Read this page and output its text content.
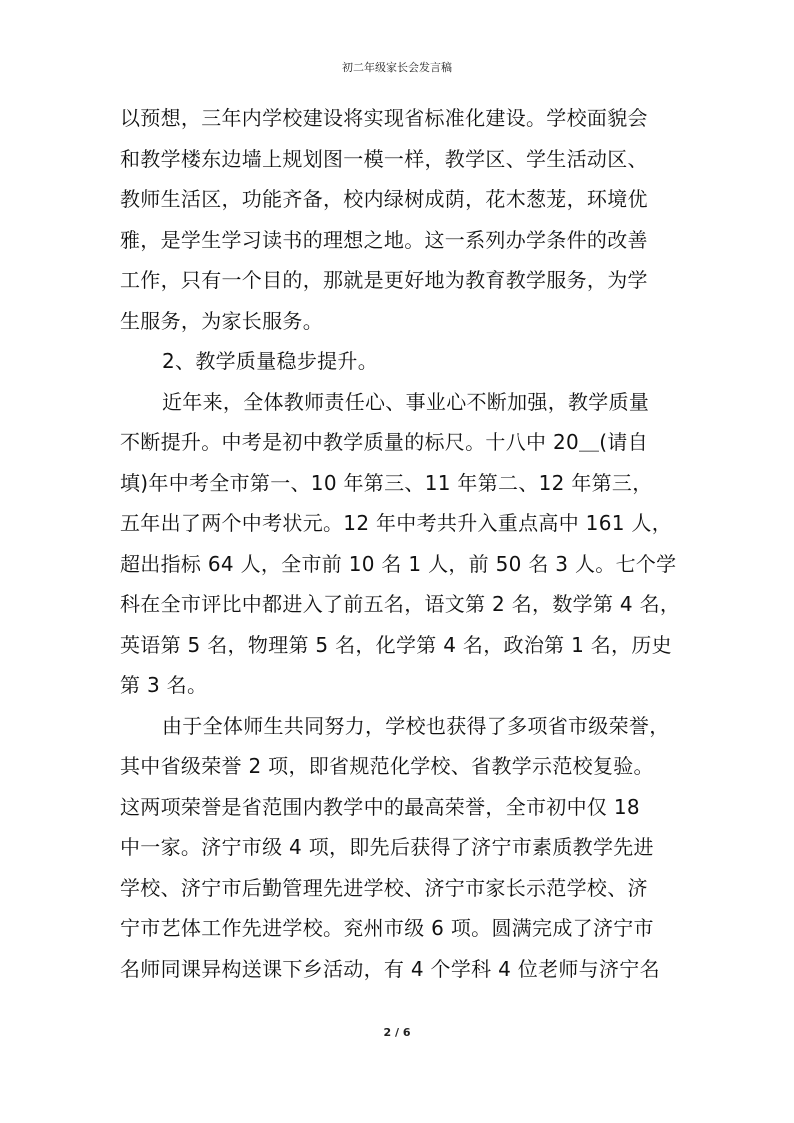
初二年级家长会发言稿
以预想，三年内学校建设将实现省标准化建设。学校面貌会
和教学楼东边墙上规划图一模一样，教学区、学生活动区、
教师生活区，功能齐备，校内绿树成荫，花木葱茏，环境优
雅，是学生学习读书的理想之地。这一系列办学条件的改善
工作，只有一个目的，那就是更好地为教育教学服务，为学
生服务，为家长服务。
2、教学质量稳步提升。
近年来，全体教师责任心、事业心不断加强，教学质量
不断提升。中考是初中教学质量的标尺。十八中 20＿(请自
填)年中考全市第一、10 年第三、11 年第二、12 年第三，
五年出了两个中考状元。12 年中考共升入重点高中 161 人，
超出指标 64 人，全市前 10 名 1 人，前 50 名 3 人。七个学
科在全市评比中都进入了前五名，语文第 2 名，数学第 4 名，
英语第 5 名，物理第 5 名，化学第 4 名，政治第 1 名，历史
第 3 名。
由于全体师生共同努力，学校也获得了多项省市级荣誉，
其中省级荣誉 2 项，即省规范化学校、省教学示范校复验。
这两项荣誉是省范围内教学中的最高荣誉，全市初中仅 18
中一家。济宁市级 4 项，即先后获得了济宁市素质教学先进
学校、济宁市后勤管理先进学校、济宁市家长示范学校、济
宁市艺体工作先进学校。兖州市级 6 项。圆满完成了济宁市
名师同课异构送课下乡活动，有 4 个学科 4 位老师与济宁名
2 / 6
